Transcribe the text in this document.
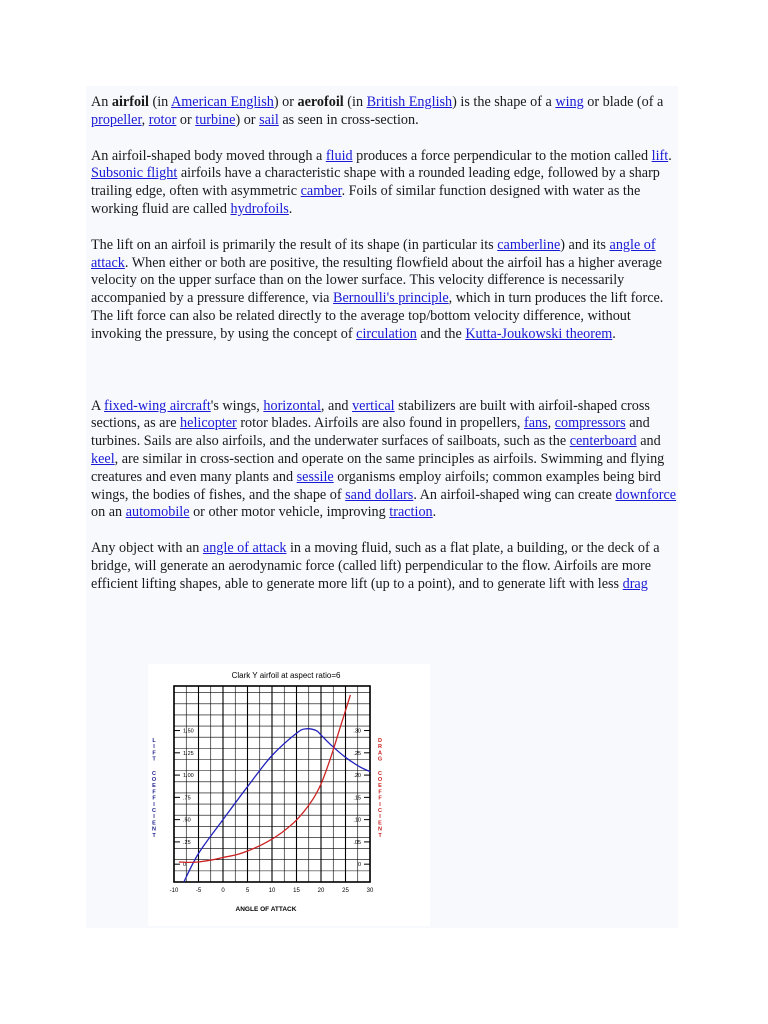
An airfoil (in American English) or aerofoil (in British English) is the shape of a wing or blade (of a propeller, rotor or turbine) or sail as seen in cross-section.

An airfoil-shaped body moved through a fluid produces a force perpendicular to the motion called lift. Subsonic flight airfoils have a characteristic shape with a rounded leading edge, followed by a sharp trailing edge, often with asymmetric camber. Foils of similar function designed with water as the working fluid are called hydrofoils.

The lift on an airfoil is primarily the result of its shape (in particular its camberline) and its angle of attack. When either or both are positive, the resulting flowfield about the airfoil has a higher average velocity on the upper surface than on the lower surface. This velocity difference is necessarily accompanied by a pressure difference, via Bernoulli's principle, which in turn produces the lift force. The lift force can also be related directly to the average top/bottom velocity difference, without invoking the pressure, by using the concept of circulation and the Kutta-Joukowski theorem.

A fixed-wing aircraft's wings, horizontal, and vertical stabilizers are built with airfoil-shaped cross sections, as are helicopter rotor blades. Airfoils are also found in propellers, fans, compressors and turbines. Sails are also airfoils, and the underwater surfaces of sailboats, such as the centerboard and keel, are similar in cross-section and operate on the same principles as airfoils. Swimming and flying creatures and even many plants and sessile organisms employ airfoils; common examples being bird wings, the bodies of fishes, and the shape of sand dollars. An airfoil-shaped wing can create downforce on an automobile or other motor vehicle, improving traction.

Any object with an angle of attack in a moving fluid, such as a flat plate, a building, or the deck of a bridge, will generate an aerodynamic force (called lift) perpendicular to the flow. Airfoils are more efficient lifting shapes, able to generate more lift (up to a point), and to generate lift with less drag

Clark Y airfoil at aspect ratio=6
ANGLE OF ATTACK
-10	-5	0	5	10	15	20	25	30
0
.25
.50
.75
1.00
1.25
1.50
0
.05
.10
.15
.20
.25
.30
L
I
F
T
C
O
E
F
F
I
C
I
E
N
T
D
R
A
G
C
O
E
F
F
I
C
I
E
N
T
